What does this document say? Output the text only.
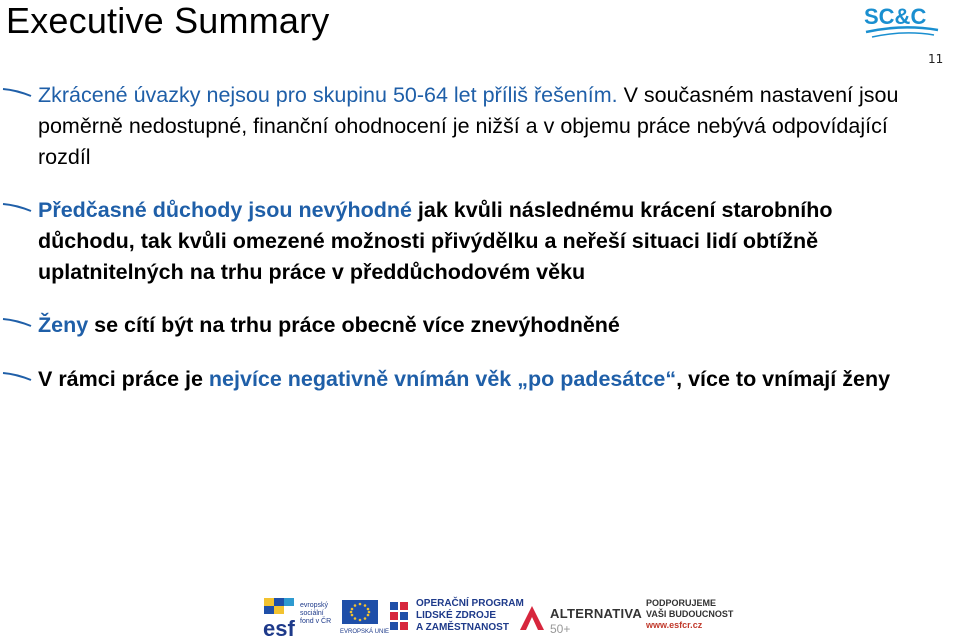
Executive Summary	SC&C
11
Zkrácené úvazky nejsou pro skupinu 50-64 let příliš řešením. V současném nastavení jsou poměrně nedostupné, finanční ohodnocení je nižší a v objemu práce nebývá odpovídající rozdíl
Předčasné důchody jsou nevýhodné jak kvůli následnému krácení starobního důchodu, tak kvůli omezené možnosti přivýdělku a neřeší situaci lidí obtížně uplatnitelných na trhu práce v předdůchodovém věku
Ženy se cítí být na trhu práce obecně více znevýhodněné
V rámci práce je nejvíce negativně vnímán věk „po padesátce“, více to vnímají ženy
esf
evropský
sociální
fond v ČR
EVROPSKÁ UNIE
OPERAČNÍ PROGRAM
LIDSKÉ ZDROJE
A ZAMĚSTNANOST
ALTERNATIVA
50+
PODPORUJEME
VAŠI BUDOUCNOST
www.esfcr.cz
